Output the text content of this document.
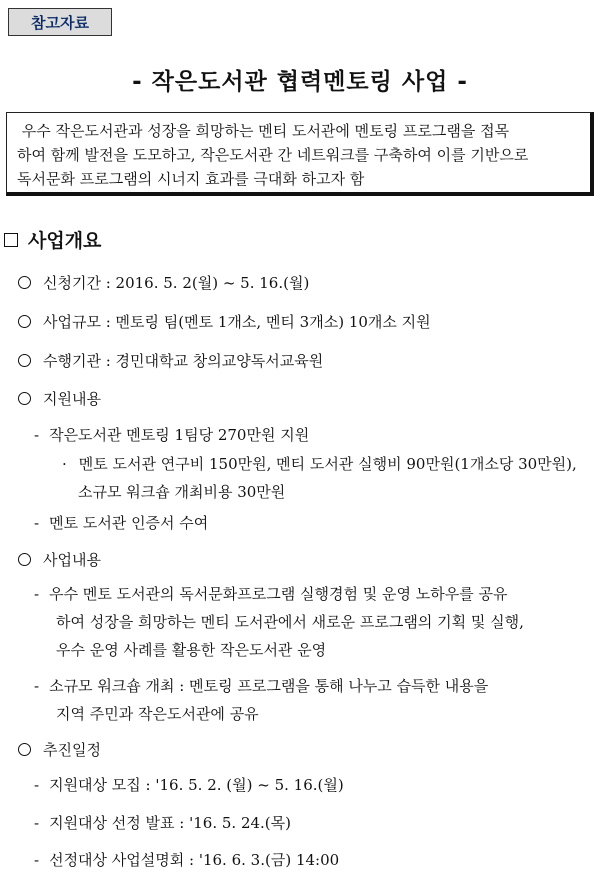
참고자료
- 작은도서관 협력멘토링 사업 -
우수 작은도서관과 성장을 희망하는 멘티 도서관에 멘토링 프로그램을 접목
하여 함께 발전을 도모하고, 작은도서관 간 네트워크를 구축하여 이를 기반으로
독서문화 프로그램의 시너지 효과를 극대화 하고자 함
사업개요
신청기간 : 2016. 5. 2(월) ~ 5. 16.(월)
사업규모 : 멘토링 팀(멘토 1개소, 멘티 3개소) 10개소 지원
수행기관 : 경민대학교 창의교양독서교육원
지원내용
- 작은도서관 멘토링 1팀당 270만원 지원
· 멘토 도서관 연구비 150만원, 멘티 도서관 실행비 90만원(1개소당 30만원),
소규모 워크숍 개최비용 30만원
- 멘토 도서관 인증서 수여
사업내용
- 우수 멘토 도서관의 독서문화프로그램 실행경험 및 운영 노하우를 공유
하여 성장을 희망하는 멘티 도서관에서 새로운 프로그램의 기획 및 실행,
우수 운영 사례를 활용한 작은도서관 운영
- 소규모 워크숍 개최 : 멘토링 프로그램을 통해 나누고 습득한 내용을
지역 주민과 작은도서관에 공유
추진일정
- 지원대상 모집 : '16. 5. 2. (월) ~ 5. 16.(월)
- 지원대상 선정 발표 : '16. 5. 24.(목)
- 선정대상 사업설명회 : '16. 6. 3.(금) 14:00
